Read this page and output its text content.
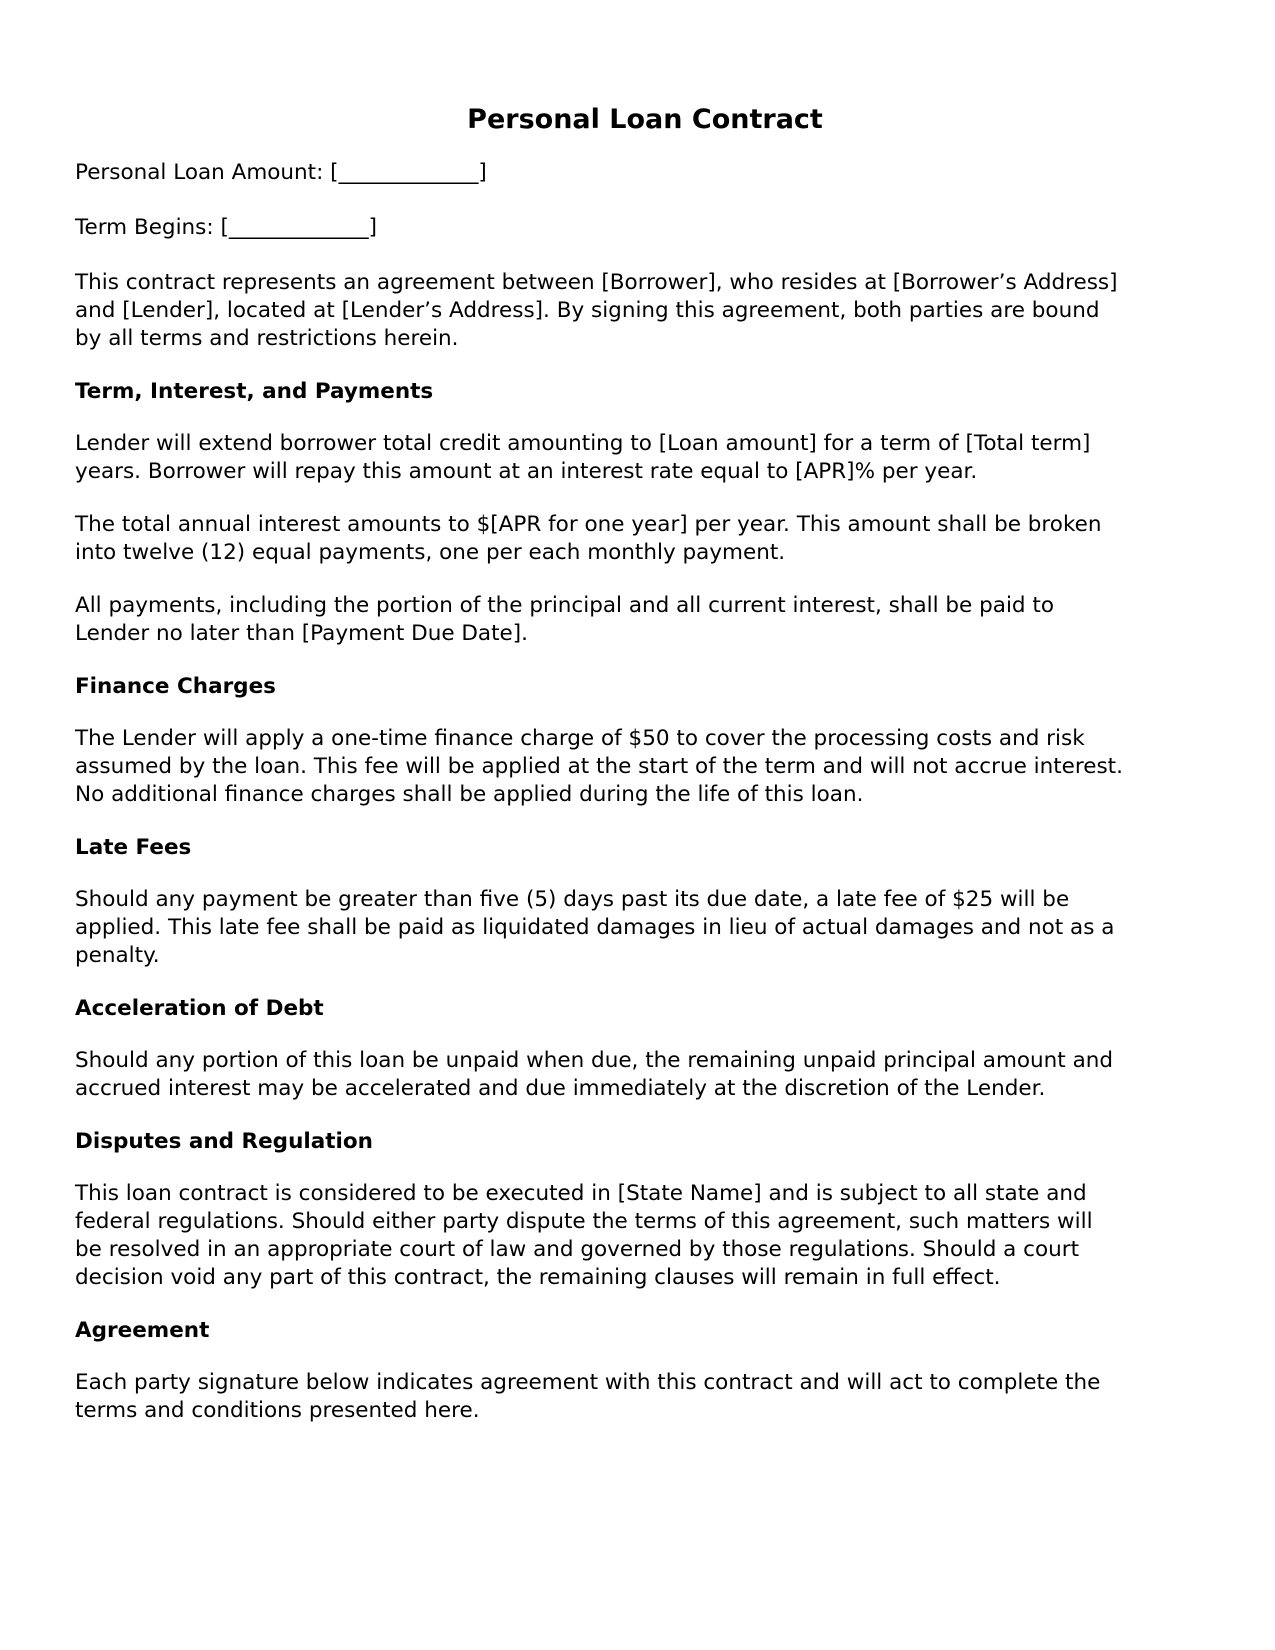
Personal Loan Contract

Personal Loan Amount: [_____________]

Term Begins: [_____________]

This contract represents an agreement between [Borrower], who resides at [Borrower’s Address]
and [Lender], located at [Lender’s Address]. By signing this agreement, both parties are bound
by all terms and restrictions herein.

Term, Interest, and Payments

Lender will extend borrower total credit amounting to [Loan amount] for a term of [Total term]
years. Borrower will repay this amount at an interest rate equal to [APR]% per year.

The total annual interest amounts to $[APR for one year] per year. This amount shall be broken
into twelve (12) equal payments, one per each monthly payment.

All payments, including the portion of the principal and all current interest, shall be paid to
Lender no later than [Payment Due Date].

Finance Charges

The Lender will apply a one-time finance charge of $50 to cover the processing costs and risk
assumed by the loan. This fee will be applied at the start of the term and will not accrue interest.
No additional finance charges shall be applied during the life of this loan.

Late Fees

Should any payment be greater than five (5) days past its due date, a late fee of $25 will be
applied. This late fee shall be paid as liquidated damages in lieu of actual damages and not as a
penalty.

Acceleration of Debt

Should any portion of this loan be unpaid when due, the remaining unpaid principal amount and
accrued interest may be accelerated and due immediately at the discretion of the Lender.

Disputes and Regulation

This loan contract is considered to be executed in [State Name] and is subject to all state and
federal regulations. Should either party dispute the terms of this agreement, such matters will
be resolved in an appropriate court of law and governed by those regulations. Should a court
decision void any part of this contract, the remaining clauses will remain in full effect.

Agreement

Each party signature below indicates agreement with this contract and will act to complete the
terms and conditions presented here.
